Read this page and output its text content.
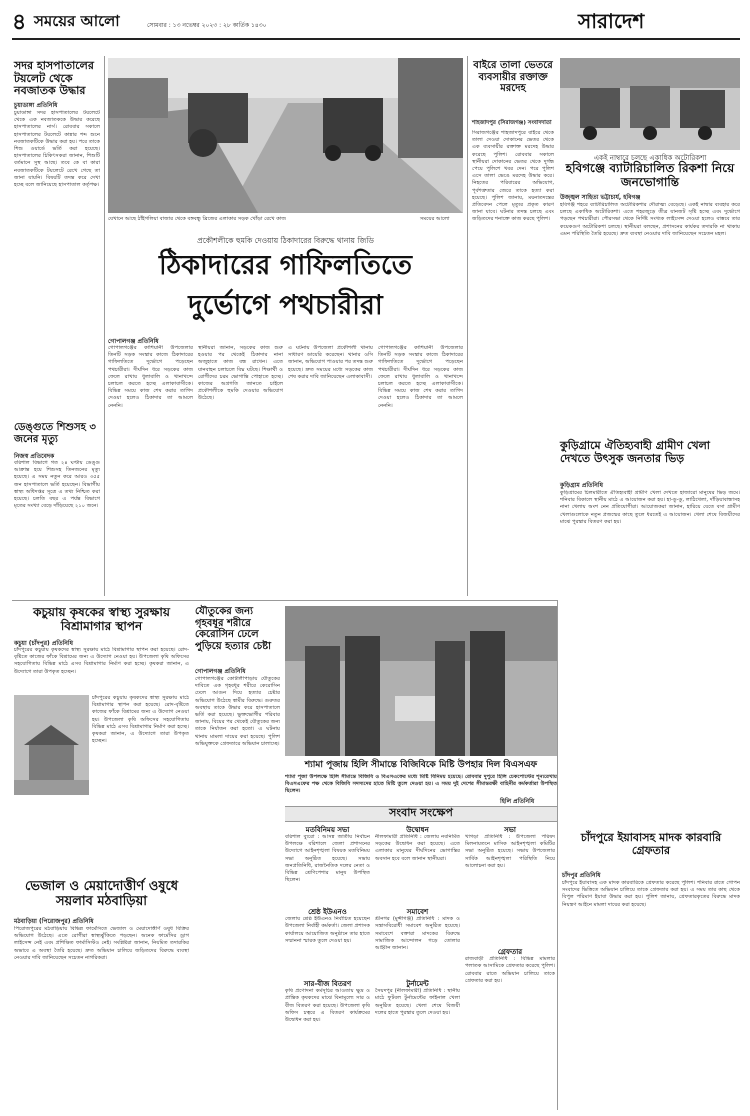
৪ সময়ের আলো	সোমবার : ১৩ নভেম্বর ২০২৩ : ২৮ কার্তিক ১৪৩০	সারাদেশ
সদর হাসপাতালের টয়লেট থেকে নবজাতক উদ্ধার
চুয়াডাঙ্গা প্রতিনিধি
চুয়াডাঙ্গা সদর হাসপাতালের টয়লেটে থেকে এক নবজাতককে উদ্ধার করেছে হাসপাতালের নার্স। রোববার সকালে হাসপাতালের টয়লেটে কান্নার শব্দ শুনে নবজাতকটিকে উদ্ধার করা হয়। পরে তাকে শিশু ওয়ার্ডে ভর্তি করা হয়েছে। হাসপাতালের চিকিৎসকরা জানান, শিশুটি বর্তমানে সুস্থ আছে। তবে কে বা কারা নবজাতকটিকে টয়লেটে রেখে গেছে তা জানা যায়নি। বিষয়টি তদন্ত করে দেখা হচ্ছে বলে জানিয়েছে হাসপাতাল কর্তৃপক্ষ।
ডেঙ্গুতে শিশুসহ ৩ জনের মৃত্যু
নিজস্ব প্রতিবেদক
বরিশাল বিভাগে গত ২৪ ঘণ্টায় ডেঙ্গু আক্রান্ত হয়ে শিশুসহ তিনজনের মৃত্যু হয়েছে। এ সময় নতুন করে আরও ৩৫৫ জন হাসপাতালে ভর্তি হয়েছেন। বিভাগীয় স্বাস্থ্য অধিদপ্তর সূত্রে এ তথ্য নিশ্চিত করা হয়েছে। চলতি বছর এ পর্যন্ত বিভাগে মৃতের সংখ্যা বেড়ে দাঁড়িয়েছে ২১০ জনে।
যেখানে আছে ঠাঁইগলিয়া বাজার থেকে বঙ্গবন্ধু ব্রিজের এলাকার সড়ক খোঁড়া রেখে কাজ	সময়ের আলো
প্রকৌশলীকে হুমকি দেওয়ায় ঠিকাদারের বিরুদ্ধে থানায় জিডি
ঠিকাদারের গাফিলতিতে
দুর্ভোগে পথচারীরা
গোপালগঞ্জ প্রতিনিধি
গোপালগঞ্জের কাশিয়ানী উপজেলার তিনটি সড়ক সংস্কার কাজে ঠিকাদারের গাফিলতিতে দুর্ভোগে পড়েছেন পথচারীরা। দীর্ঘদিন ধরে সড়কের কাজ ফেলে রাখায় ধুলাবালি ও খানাখন্দে চলাচল করতে হচ্ছে এলাকাবাসীকে। বিভিন্ন সময়ে কাজ শেষ করার তাগিদ দেওয়া হলেও ঠিকাদার তা আমলে নেননি।
স্থানীয়রা জানান, সড়কের কাজ শুরু হওয়ার পর থেকেই ঠিকাদার নানা অজুহাতে কাজ বন্ধ রাখেন। এতে যানবাহন চলাচলে বিঘ্ন ঘটছে। শিক্ষার্থী ও রোগীদের চরম ভোগান্তি পোহাতে হচ্ছে। কাজের অগ্রগতি জানতে চাইলে প্রকৌশলীকে হুমকি দেওয়ার অভিযোগ উঠেছে।
এ ঘটনায় উপজেলা প্রকৌশলী থানায় সাধারণ ডায়েরি করেছেন। থানার ওসি জানান, অভিযোগ পাওয়ার পর তদন্ত শুরু হয়েছে। দ্রুত সময়ের মধ্যে সড়কের কাজ শেষ করার দাবি জানিয়েছেন এলাকাবাসী।
গোপালগঞ্জের কাশিয়ানী উপজেলার তিনটি সড়ক সংস্কার কাজে ঠিকাদারের গাফিলতিতে দুর্ভোগে পড়েছেন পথচারীরা। দীর্ঘদিন ধরে সড়কের কাজ ফেলে রাখায় ধুলাবালি ও খানাখন্দে চলাচল করতে হচ্ছে এলাকাবাসীকে। বিভিন্ন সময়ে কাজ শেষ করার তাগিদ দেওয়া হলেও ঠিকাদার তা আমলে নেননি।
বাইরে তালা ভেতরে ব্যবসায়ীর রক্তাক্ত মরদেহ
শাহজাদপুর (সিরাজগঞ্জ) সংবাদদাতা
সিরাজগঞ্জের শাহজাদপুরে বাইরে থেকে তালা দেওয়া দোকানের ভেতর থেকে এক ব্যবসায়ীর রক্তাক্ত মরদেহ উদ্ধার করেছে পুলিশ। রোববার সকালে স্থানীয়রা দোকানের ভেতর থেকে দুর্গন্ধ পেয়ে পুলিশে খবর দেন। পরে পুলিশ এসে তালা ভেঙে মরদেহ উদ্ধার করে। নিহতের পরিবারের অভিযোগ, পূর্বশত্রুতার জেরে তাকে হত্যা করা হয়েছে। পুলিশ জানায়, ময়নাতদন্তের প্রতিবেদন পেলে মৃত্যুর প্রকৃত কারণ জানা যাবে। ঘটনার তদন্ত চলছে এবং জড়িতদের শনাক্তে কাজ করছে পুলিশ।
একই নাম্বারে চলছে একাধিক অটোরিকশা
হবিগঞ্জে ব্যাটারিচালিত রিকশা নিয়ে জনভোগান্তি
উজ্জ্বল সাহিত্য ভট্টাচার্য, হবিগঞ্জ
হবিগঞ্জ শহরে ব্যাটারিচালিত অটোরিকশার দৌরাত্ম্য বেড়েছে। একই নাম্বার ব্যবহার করে চলছে একাধিক অটোরিকশা। এতে শহরজুড়ে তীব্র যানজট সৃষ্টি হচ্ছে এবং দুর্ভোগে পড়ছেন পথচারীরা। পৌরসভা থেকে নির্দিষ্ট সংখ্যক লাইসেন্স দেওয়া হলেও বাস্তবে তার কয়েকগুণ অটোরিকশা চলছে। স্থানীয়রা বলছেন, প্রশাসনের কার্যকর তদারকি না থাকায় এমন পরিস্থিতি তৈরি হয়েছে। দ্রুত ব্যবস্থা নেওয়ার দাবি জানিয়েছেন সচেতন মহল।
কুড়িগ্রামে ঐতিহ্যবাহী গ্রামীণ খেলা দেখতে উৎসুক জনতার ভিড়
কুড়িগ্রাম প্রতিনিধি
কুড়িগ্রামের চিলমারীতে ঐতিহ্যবাহী গ্রামীণ খেলা দেখতে হাজারো মানুষের ভিড় জমে। শনিবার বিকালে স্থানীয় মাঠে এ আয়োজন করা হয়। হা-ডু-ডু, লাঠিখেলা, দাঁড়িয়াবান্ধাসহ নানা খেলায় অংশ নেন প্রতিযোগীরা। আয়োজকরা জানান, হারিয়ে যেতে বসা গ্রামীণ খেলাগুলোকে নতুন প্রজন্মের কাছে তুলে ধরতেই এ আয়োজন। খেলা শেষে বিজয়ীদের মাঝে পুরস্কার বিতরণ করা হয়।
কচুয়ায় কৃষকের স্বাস্থ্য সুরক্ষায় বিশ্রামাগার স্থাপন
কচুয়া (চাঁদপুর) প্রতিনিধি
চাঁদপুরের কচুয়ায় কৃষকদের স্বাস্থ্য সুরক্ষায় মাঠে বিশ্রামাগার স্থাপন করা হয়েছে। রোদ-বৃষ্টিতে কাজের ফাঁকে বিশ্রামের জন্য এ উদ্যোগ নেওয়া হয়। উপজেলা কৃষি অফিসের সহযোগিতায় বিভিন্ন মাঠে এসব বিশ্রামাগার নির্মাণ করা হচ্ছে। কৃষকরা জানান, এ উদ্যোগে তারা উপকৃত হচ্ছেন।
চাঁদপুরের কচুয়ায় কৃষকদের স্বাস্থ্য সুরক্ষায় মাঠে বিশ্রামাগার স্থাপন করা হয়েছে। রোদ-বৃষ্টিতে কাজের ফাঁকে বিশ্রামের জন্য এ উদ্যোগ নেওয়া হয়। উপজেলা কৃষি অফিসের সহযোগিতায় বিভিন্ন মাঠে এসব বিশ্রামাগার নির্মাণ করা হচ্ছে। কৃষকরা জানান, এ উদ্যোগে তারা উপকৃত হচ্ছেন।
যৌতুকের জন্য গৃহবধূর শরীরে কেরোসিন ঢেলে পুড়িয়ে হত্যার চেষ্টা
গোপালগঞ্জ প্রতিনিধি
গোপালগঞ্জের কোটালীপাড়ায় যৌতুকের দাবিতে এক গৃহবধূর শরীরে কেরোসিন ঢেলে আগুন দিয়ে হত্যার চেষ্টার অভিযোগ উঠেছে স্বামীর বিরুদ্ধে। গুরুতর অবস্থায় তাকে উদ্ধার করে হাসপাতালে ভর্তি করা হয়েছে। ভুক্তভোগীর পরিবার জানায়, বিয়ের পর থেকেই যৌতুকের জন্য তাকে নির্যাতন করা হতো। এ ঘটনায় থানায় মামলা দায়ের করা হয়েছে। পুলিশ অভিযুক্তকে গ্রেফতারে অভিযান চালাচ্ছে।
শ্যামা পূজায় হিলি সীমান্তে বিজিবিকে মিষ্টি উপহার দিল বিএসএফ
শ্যামা পূজা উপলক্ষে হিলি সীমান্তে বিজিবি ও বিএসএফের মধ্যে মিষ্টি বিনিময় হয়েছে। রোববার দুপুরে হিলি চেকপোস্টের শূন্যরেখায় বিএসএফের পক্ষ থেকে বিজিবি সদস্যদের হাতে মিষ্টি তুলে দেওয়া হয়। এ সময় দুই দেশের সীমান্তরক্ষী বাহিনীর কর্মকর্তারা উপস্থিত ছিলেন।
হিলি প্রতিনিধি
ভেজাল ও মেয়াদোত্তীর্ণ ওষুধে সয়লাব মঠবাড়িয়া
মঠবাড়িয়া (পিরোজপুর) প্রতিনিধি
পিরোজপুরের মঠবাড়িয়ায় বিভিন্ন ফার্মেসিতে ভেজাল ও মেয়াদোত্তীর্ণ ওষুধ বিক্রির অভিযোগ উঠেছে। এতে রোগীরা স্বাস্থ্যঝুঁকিতে পড়ছেন। অনেক ফার্মেসির ড্রাগ লাইসেন্স নেই এবং প্রশিক্ষিত ফার্মাসিস্টও নেই। সংশ্লিষ্টরা জানান, নিয়মিত তদারকির অভাবে এ অবস্থা তৈরি হয়েছে। দ্রুত অভিযান চালিয়ে জড়িতদের বিরুদ্ধে ব্যবস্থা নেওয়ার দাবি জানিয়েছেন সচেতন নাগরিকরা।
সংবাদ সংক্ষেপ
মতবিনিময় সভা
বরিশাল ব্যুরো : আসন্ন জাতীয় নির্বাচন উপলক্ষে বরিশালে জেলা প্রশাসনের উদ্যোগে আইনশৃঙ্খলা বিষয়ক মতবিনিময় সভা অনুষ্ঠিত হয়েছে। সভায় জনপ্রতিনিধি, রাজনৈতিক দলের নেতা ও বিভিন্ন শ্রেণিপেশার মানুষ উপস্থিত ছিলেন।
শ্রেষ্ঠ ইউএনও
জেলায় শ্রেষ্ঠ ইউএনও নির্বাচিত হয়েছেন উপজেলা নির্বাহী কর্মকর্তা। জেলা প্রশাসক কার্যালয়ে আয়োজিত অনুষ্ঠানে তার হাতে সম্মাননা স্মারক তুলে দেওয়া হয়।
সার-বীজ বিতরণ
কৃষি প্রণোদনা কর্মসূচির আওতায় ক্ষুদ্র ও প্রান্তিক কৃষকদের মাঝে বিনামূল্যে সার ও বীজ বিতরণ করা হয়েছে। উপজেলা কৃষি অফিস চত্বরে এ বিতরণ কার্যক্রমের উদ্বোধন করা হয়।
উদ্বোধন
নীলফামারী প্রতিনিধি : জেলায় নবনির্মিত সড়কের উদ্বোধন করা হয়েছে। এতে এলাকার মানুষের দীর্ঘদিনের ভোগান্তির অবসান হবে বলে জানান স্থানীয়রা।
সমাবেশ
শ্রীনগর (মুন্সীগঞ্জ) প্রতিনিধি : মাদক ও সন্ত্রাসবিরোধী সমাবেশ অনুষ্ঠিত হয়েছে। সমাবেশে বক্তারা মাদকের বিরুদ্ধে সামাজিক আন্দোলন গড়ে তোলার আহ্বান জানান।
টুর্নামেন্ট
সৈয়দপুর (নীলফামারী) প্রতিনিধি : স্থানীয় মাঠে ফুটবল টুর্নামেন্টের ফাইনাল খেলা অনুষ্ঠিত হয়েছে। খেলা শেষে বিজয়ী দলের হাতে পুরস্কার তুলে দেওয়া হয়।
সভা
খাগড়া প্রতিনিধি : উপজেলা পরিষদ মিলনায়তনে মাসিক আইনশৃঙ্খলা কমিটির সভা অনুষ্ঠিত হয়েছে। সভায় উপজেলার সার্বিক আইনশৃঙ্খলা পরিস্থিতি নিয়ে আলোচনা করা হয়।
গ্রেফতার
রাজবাড়ী প্রতিনিধি : বিভিন্ন মামলার পলাতক আসামিকে গ্রেফতার করেছে পুলিশ। রোববার রাতে অভিযান চালিয়ে তাকে গ্রেফতার করা হয়।
চাঁদপুরে ইয়াবাসহ মাদক কারবারি গ্রেফতার
চাঁদপুর প্রতিনিধি
চাঁদপুরে ইয়াবাসহ এক মাদক কারবারিকে গ্রেফতার করেছে পুলিশ। শনিবার রাতে গোপন সংবাদের ভিত্তিতে অভিযান চালিয়ে তাকে গ্রেফতার করা হয়। এ সময় তার কাছ থেকে বিপুল পরিমাণ ইয়াবা উদ্ধার করা হয়। পুলিশ জানায়, গ্রেফতারকৃতের বিরুদ্ধে মাদক নিয়ন্ত্রণ আইনে মামলা দায়ের করা হয়েছে।
